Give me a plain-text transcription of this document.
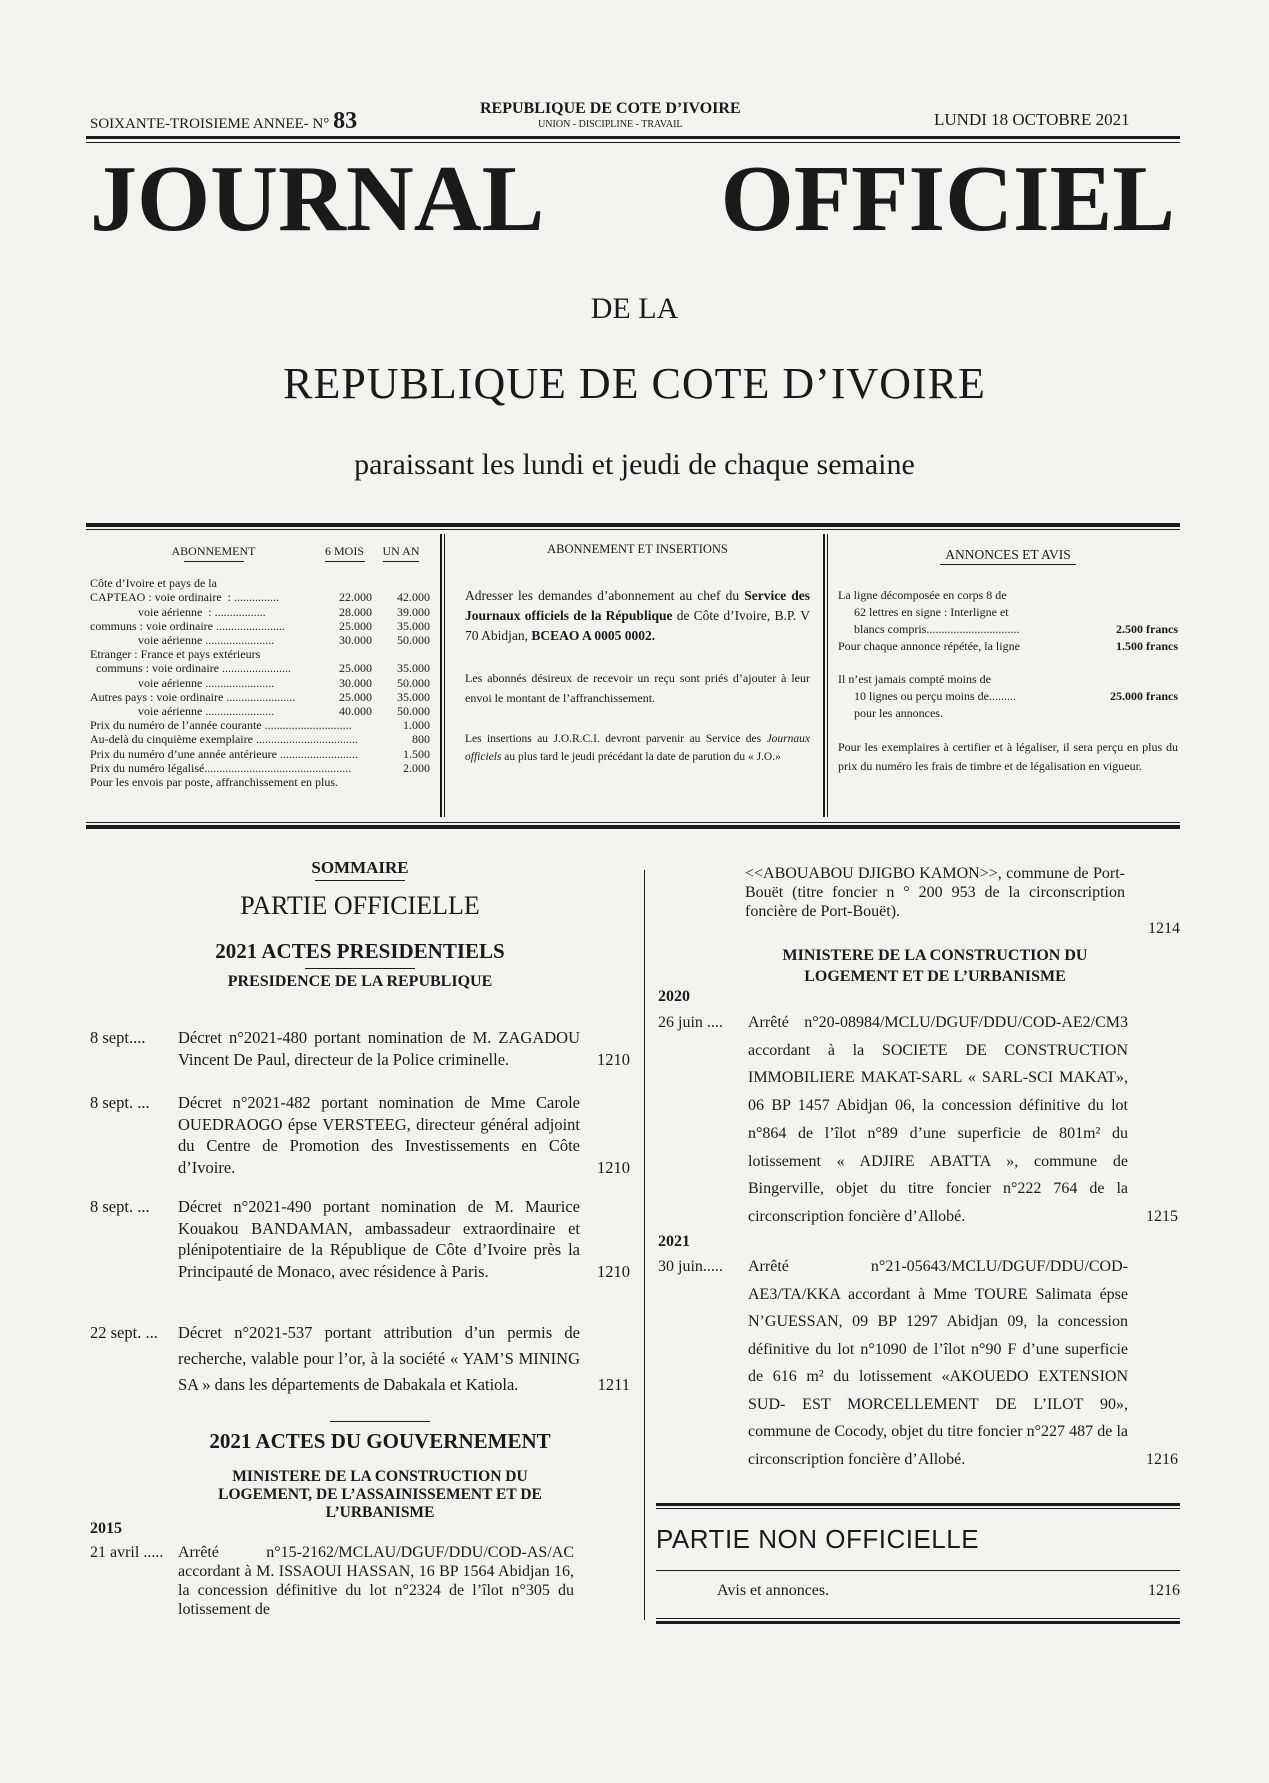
SOIXANTE-TROISIEME ANNEE- N° 83	REPUBLIQUE DE COTE D’IVOIRE
UNION - DISCIPLINE - TRAVAIL	LUNDI 18 OCTOBRE 2021
JOURNAL OFFICIEL
DE LA
REPUBLIQUE DE COTE D’IVOIRE
paraissant les lundi et jeudi de chaque semaine
ABONNEMENT	6 MOIS	UN AN
Côte d’Ivoire et pays de la
CAPTEAO : voie ordinaire  : ...............	22.000	42.000
voie aérienne  : .................	28.000	39.000
communs : voie ordinaire .......................	25.000	35.000
voie aérienne .......................	30.000	50.000
Etranger : France et pays extérieurs
communs : voie ordinaire .......................	25.000	35.000
voie aérienne .......................	30.000	50.000
Autres pays : voie ordinaire .......................	25.000	35.000
voie aérienne .......................	40.000	50.000
Prix du numéro de l’année courante .............................	1.000
Au-delà du cinquième exemplaire ..................................	800
Prix du numéro d’une année antérieure ..........................	1.500
Prix du numéro légalisé.................................................	2.000
Pour les envois par poste, affranchissement en plus.
ABONNEMENT ET INSERTIONS
Adresser les demandes d’abonnement au chef du Service des Journaux officiels de la République de Côte d’Ivoire, B.P. V 70 Abidjan, BCEAO A 0005 0002.
Les abonnés désireux de recevoir un reçu sont priés d’ajouter à leur envoi le montant de l’affranchissement.
Les insertions au J.O.R.C.I. devront parvenir au Service des Journaux officiels au plus tard le jeudi précédant la date de parution du « J.O.»
ANNONCES ET AVIS
La ligne décomposée en corps 8 de
62 lettres en signe : Interligne et
blancs compris...............................	2.500 francs
Pour chaque annonce répétée, la ligne	1.500 francs
Il n’est jamais compté moins de
10 lignes ou perçu moins de.........	25.000 francs
pour les annonces.
Pour les exemplaires à certifier et à légaliser, il sera perçu en plus du prix du numéro les frais de timbre et de légalisation en vigueur.
SOMMAIRE
PARTIE OFFICIELLE
2021 ACTES PRESIDENTIELS
PRESIDENCE DE LA REPUBLIQUE
8 sept....	Décret n°2021-480 portant nomination de M. ZAGADOU Vincent De Paul, directeur de la Police criminelle.	1210
8 sept. ...	Décret n°2021-482 portant nomination de Mme Carole OUEDRAOGO épse VERSTEEG, directeur général adjoint du Centre de Promotion des Investissements en Côte d’Ivoire.	1210
8 sept. ...	Décret n°2021-490 portant nomination de M. Maurice Kouakou BANDAMAN, ambassadeur extraordinaire et plénipotentiaire de la République de Côte d’Ivoire près la Principauté de Monaco, avec résidence à Paris.	1210
22 sept. ...	Décret n°2021-537 portant attribution d’un permis de recherche, valable pour l’or, à la société « YAM’S MINING SA » dans les départements de Dabakala et Katiola.	1211
2021 ACTES DU GOUVERNEMENT
MINISTERE DE LA CONSTRUCTION DU LOGEMENT, DE L’ASSAINISSEMENT ET DE L’URBANISME
2015
21 avril ..... Arrêté n°15-2162/MCLAU/DGUF/DDU/COD-AS/AC accordant à M. ISSAOUI HASSAN, 16 BP 1564 Abidjan 16, la concession définitive du lot n°2324 de l’îlot n°305 du lotissement de
<<ABOUABOU DJIGBO KAMON>>, commune de Port-Bouët (titre foncier n ° 200 953 de la circonscription foncière de Port-Bouët).
1214
MINISTERE DE LA CONSTRUCTION DU LOGEMENT ET DE L’URBANISME
2020
26 juin ....	Arrêté n°20-08984/MCLU/DGUF/DDU/COD-AE2/CM3 accordant à la SOCIETE DE CONSTRUCTION IMMOBILIERE MAKAT-SARL « SARL-SCI MAKAT», 06 BP 1457 Abidjan 06, la concession définitive du lot n°864 de l’îlot n°89 d’une superficie de 801m² du lotissement « ADJIRE ABATTA », commune de Bingerville, objet du titre foncier n°222 764 de la circonscription foncière d’Allobé.	1215
2021
30 juin.....	Arrêté n°21-05643/MCLU/DGUF/DDU/COD-AE3/TA/KKA accordant à Mme TOURE Salimata épse N’GUESSAN, 09 BP 1297 Abidjan 09, la concession définitive du lot n°1090 de l’îlot n°90 F d’une superficie de 616 m² du lotissement «AKOUEDO EXTENSION SUD- EST MORCELLEMENT DE L’ILOT 90», commune de Cocody, objet du titre foncier n°227 487 de la circonscription foncière d’Allobé.	1216
PARTIE NON OFFICIELLE
Avis et annonces.	1216
